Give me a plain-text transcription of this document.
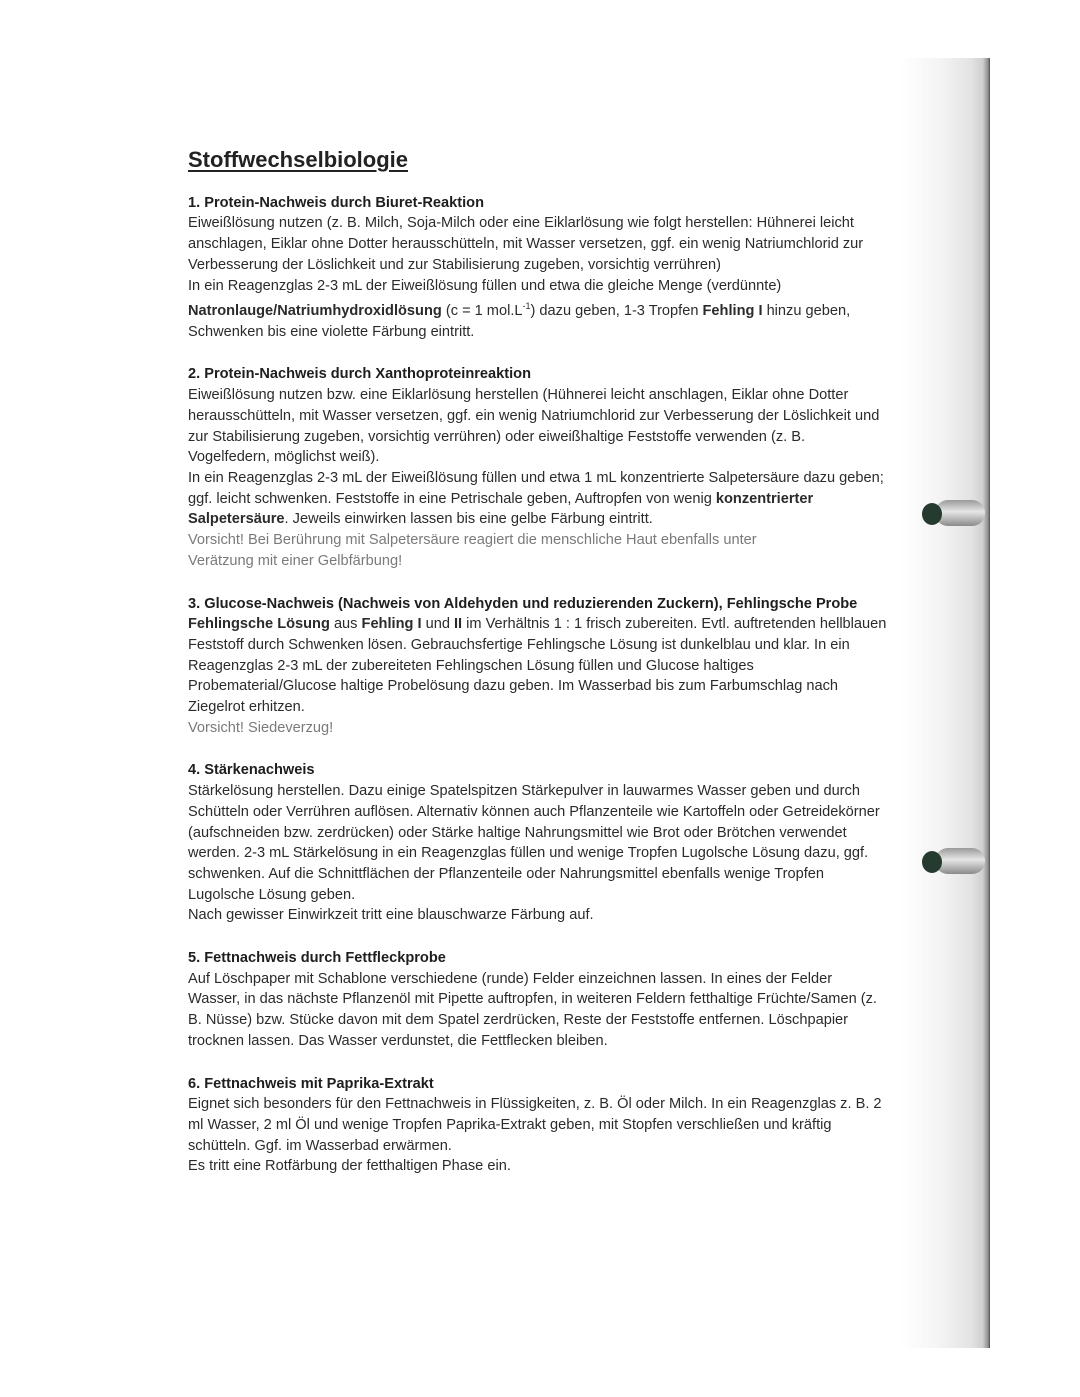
Stoffwechselbiologie
1. Protein-Nachweis durch Biuret-Reaktion

Eiweißlösung nutzen (z. B. Milch, Soja-Milch oder eine Eiklarlösung wie folgt herstellen: Hühnerei leicht anschlagen, Eiklar ohne Dotter herausschütteln, mit Wasser versetzen, ggf. ein wenig Natriumchlorid zur Verbesserung der Löslichkeit und zur Stabilisierung zugeben, vorsichtig verrühren)

In ein Reagenzglas 2-3 mL der Eiweißlösung füllen und etwa die gleiche Menge (verdünnte) Natronlauge/Natriumhydroxidlösung (c = 1 $mol.L^{-1}$) dazu geben, 1-3 Tropfen Fehling I hinzu geben, Schwenken bis eine violette Färbung eintritt.

2. Protein-Nachweis durch Xanthoproteinreaktion

Eiweißlösung nutzen bzw. eine Eiklarlösung herstellen (Hühnerei leicht anschlagen, Eiklar ohne Dotter herausschütteln, mit Wasser versetzen, ggf. ein wenig Natriumchlorid zur Verbesserung der Löslichkeit und zur Stabilisierung zugeben, vorsichtig verrühren) oder eiweißhaltige Feststoffe verwenden (z. B. Vogelfedern, möglichst weiß).

In ein Reagenzglas 2-3 mL der Eiweißlösung füllen und etwa 1 mL konzentrierte Salpetersäure dazu geben; ggf. leicht schwenken. Feststoffe in eine Petrischale geben, Auftropfen von wenig konzentrierter Salpetersäure. Jeweils einwirken lassen bis eine gelbe Färbung eintritt.

Vorsicht! Bei Berührung mit Salpetersäure reagiert die menschliche Haut ebenfalls unter Verätzung mit einer Gelbfärbung!

3. Glucose-Nachweis (Nachweis von Aldehyden und reduzierenden Zuckern), Fehlingsche Probe

Fehlingsche Lösung aus Fehling I und II im Verhältnis 1 : 1 frisch zubereiten. Evtl. auftretenden hellblauen Feststoff durch Schwenken lösen. Gebrauchsfertige Fehlingsche Lösung ist dunkelblau und klar. In ein Reagenzglas 2-3 mL der zubereiteten Fehlingschen Lösung füllen und Glucose haltiges Probematerial/Glucose haltige Probelösung dazu geben. Im Wasserbad bis zum Farbumschlag nach Ziegelrot erhitzen.

Vorsicht! Siedeverzug!

4. Stärkenachweis

Stärkelösung herstellen. Dazu einige Spatelspitzen Stärkepulver in lauwarmes Wasser geben und durch Schütteln oder Verrühren auflösen. Alternativ können auch Pflanzenteile wie Kartoffeln oder Getreidekörner (aufschneiden bzw. zerdrücken) oder Stärke haltige Nahrungsmittel wie Brot oder Brötchen verwendet werden. 2-3 mL Stärkelösung in ein Reagenzglas füllen und wenige Tropfen Lugolsche Lösung dazu, ggf. schwenken. Auf die Schnittflächen der Pflanzenteile oder Nahrungsmittel ebenfalls wenige Tropfen Lugolsche Lösung geben.

Nach gewisser Einwirkzeit tritt eine blauschwarze Färbung auf.

5. Fettnachweis durch Fettfleckprobe

Auf Löschpaper mit Schablone verschiedene (runde) Felder einzeichnen lassen. In eines der Felder Wasser, in das nächste Pflanzenöl mit Pipette auftropfen, in weiteren Feldern fetthaltige Früchte/Samen (z. B. Nüsse) bzw. Stücke davon mit dem Spatel zerdrücken, Reste der Feststoffe entfernen. Löschpapier trocknen lassen. Das Wasser verdunstet, die Fettflecken bleiben.

6. Fettnachweis mit Paprika-Extrakt

Eignet sich besonders für den Fettnachweis in Flüssigkeiten, z. B. Öl oder Milch. In ein Reagenzglas z. B. 2 ml Wasser, 2 ml Öl und wenige Tropfen Paprika-Extrakt geben, mit Stopfen verschließen und kräftig schütteln. Ggf. im Wasserbad erwärmen.

Es tritt eine Rotfärbung der fetthaltigen Phase ein.
